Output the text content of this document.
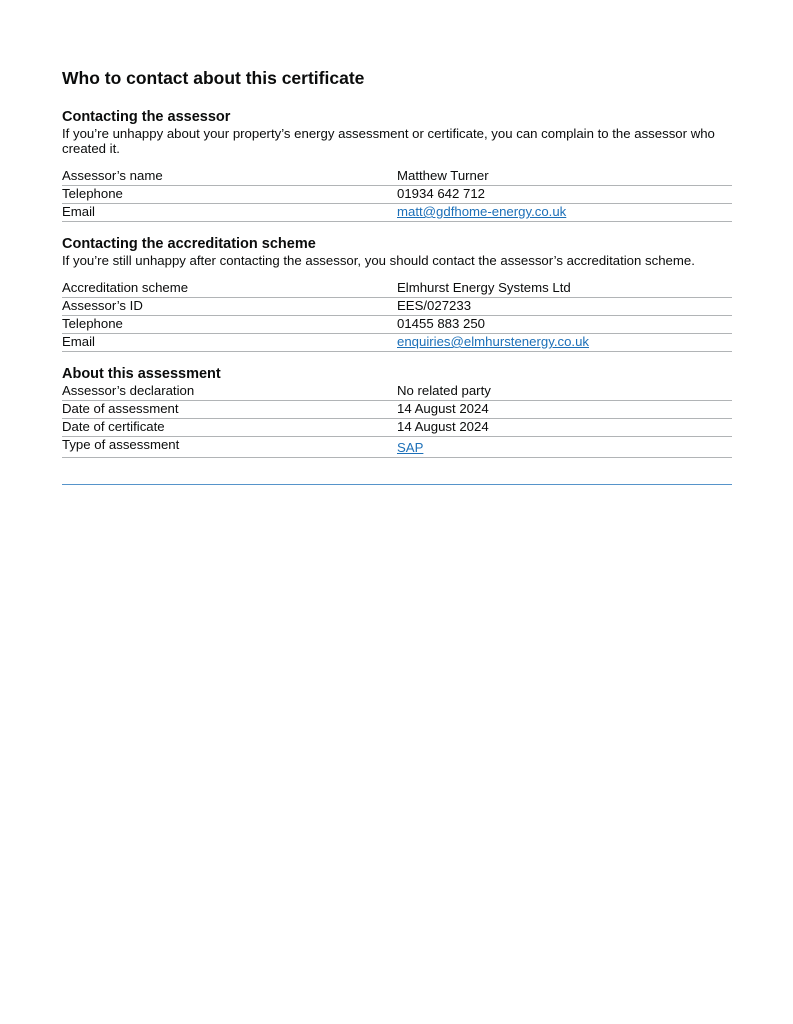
Who to contact about this certificate
Contacting the assessor

If you’re unhappy about your property’s energy assessment or certificate, you can complain to the assessor who created it.

Assessor’s name	Matthew Turner
Telephone	01934 642 712
Email	matt@gdfhome-energy.co.uk
Contacting the accreditation scheme

If you’re still unhappy after contacting the assessor, you should contact the assessor’s accreditation scheme.

Accreditation scheme	Elmhurst Energy Systems Ltd
Assessor’s ID	EES/027233
Telephone	01455 883 250
Email	enquiries@elmhurstenergy.co.uk
About this assessment
Assessor’s declaration	No related party
Date of assessment	14 August 2024
Date of certificate	14 August 2024
Type of assessment	SAP
